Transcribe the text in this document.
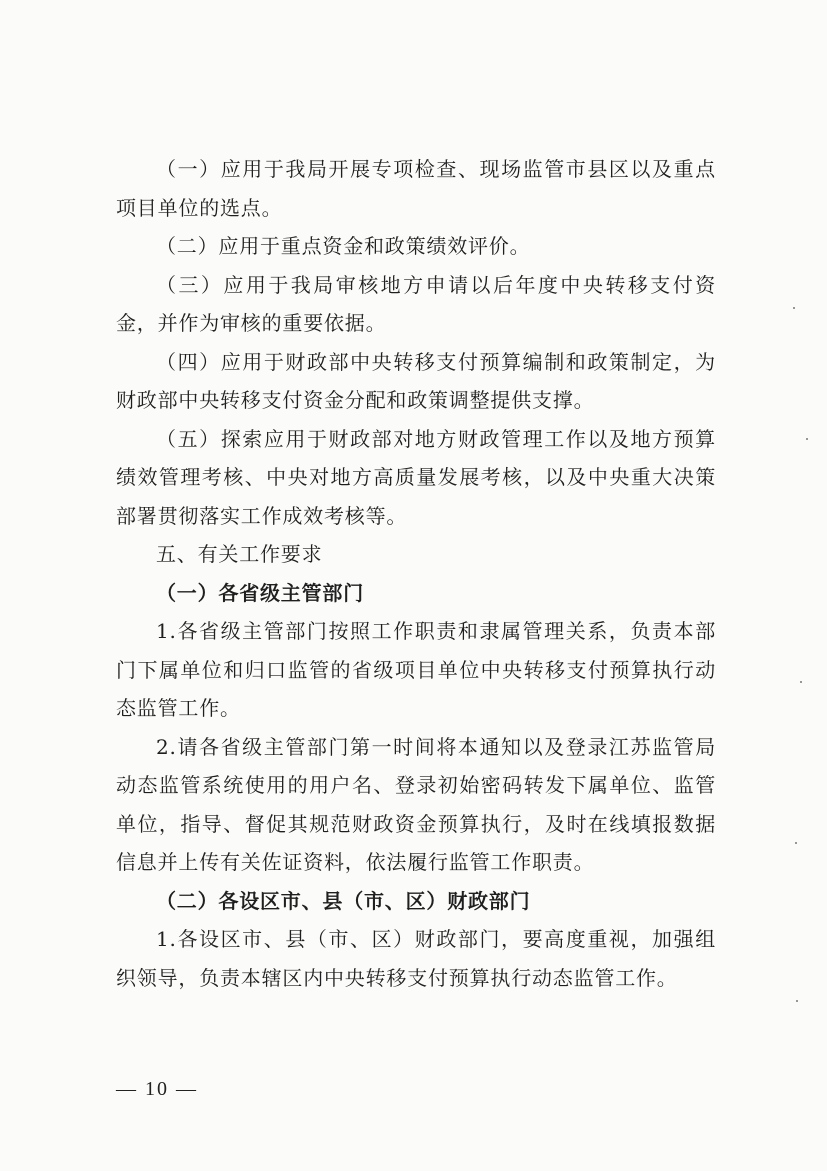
（一）应用于我局开展专项检查、现场监管市县区以及重点项目单位的选点。

（二）应用于重点资金和政策绩效评价。

（三）应用于我局审核地方申请以后年度中央转移支付资金，并作为审核的重要依据。

（四）应用于财政部中央转移支付预算编制和政策制定，为财政部中央转移支付资金分配和政策调整提供支撑。

（五）探索应用于财政部对地方财政管理工作以及地方预算绩效管理考核、中央对地方高质量发展考核，以及中央重大决策部署贯彻落实工作成效考核等。

五、有关工作要求

（一）各省级主管部门

1.各省级主管部门按照工作职责和隶属管理关系，负责本部门下属单位和归口监管的省级项目单位中央转移支付预算执行动态监管工作。

2.请各省级主管部门第一时间将本通知以及登录江苏监管局动态监管系统使用的用户名、登录初始密码转发下属单位、监管单位，指导、督促其规范财政资金预算执行，及时在线填报数据信息并上传有关佐证资料，依法履行监管工作职责。

（二）各设区市、县（市、区）财政部门

1.各设区市、县（市、区）财政部门，要高度重视，加强组织领导，负责本辖区内中央转移支付预算执行动态监管工作。

— 10 —
